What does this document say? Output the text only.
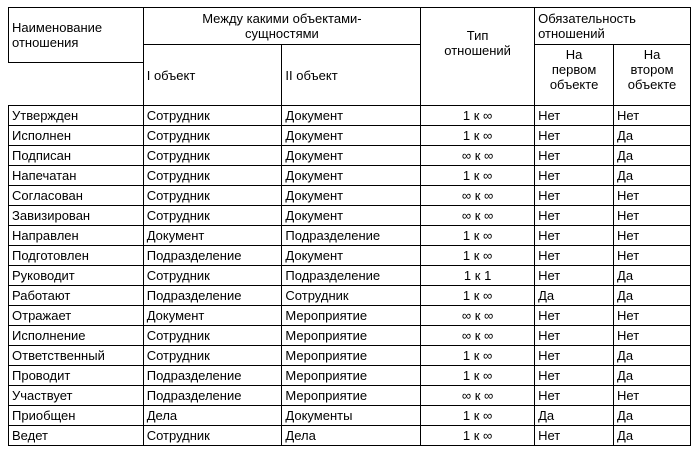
Наименование отношения	Между какими объектами-сущностями		Тип отношений	Обязательность отношений	
	I объект	II объект		На первом объекте	На втором объекте

Утвержден	Сотрудник	Документ	1 к ∞	Нет	Нет
Исполнен	Сотрудник	Документ	1 к ∞	Нет	Да
Подписан	Сотрудник	Документ	∞ к ∞	Нет	Да
Напечатан	Сотрудник	Документ	1 к ∞	Нет	Да
Согласован	Сотрудник	Документ	∞ к ∞	Нет	Нет
Завизирован	Сотрудник	Документ	∞ к ∞	Нет	Нет
Направлен	Документ	Подразделение	1 к ∞	Нет	Нет
Подготовлен	Подразделение	Документ	1 к ∞	Нет	Нет
Руководит	Сотрудник	Подразделение	1 к 1	Нет	Да
Работают	Подразделение	Сотрудник	1 к ∞	Да	Да
Отражает	Документ	Мероприятие	∞ к ∞	Нет	Нет
Исполнение	Сотрудник	Мероприятие	∞ к ∞	Нет	Нет
Ответственный	Сотрудник	Мероприятие	1 к ∞	Нет	Да
Проводит	Подразделение	Мероприятие	1 к ∞	Нет	Да
Участвует	Подразделение	Мероприятие	∞ к ∞	Нет	Нет
Приобщен	Дела	Документы	1 к ∞	Да	Да
Ведет	Сотрудник	Дела	1 к ∞	Нет	Да
